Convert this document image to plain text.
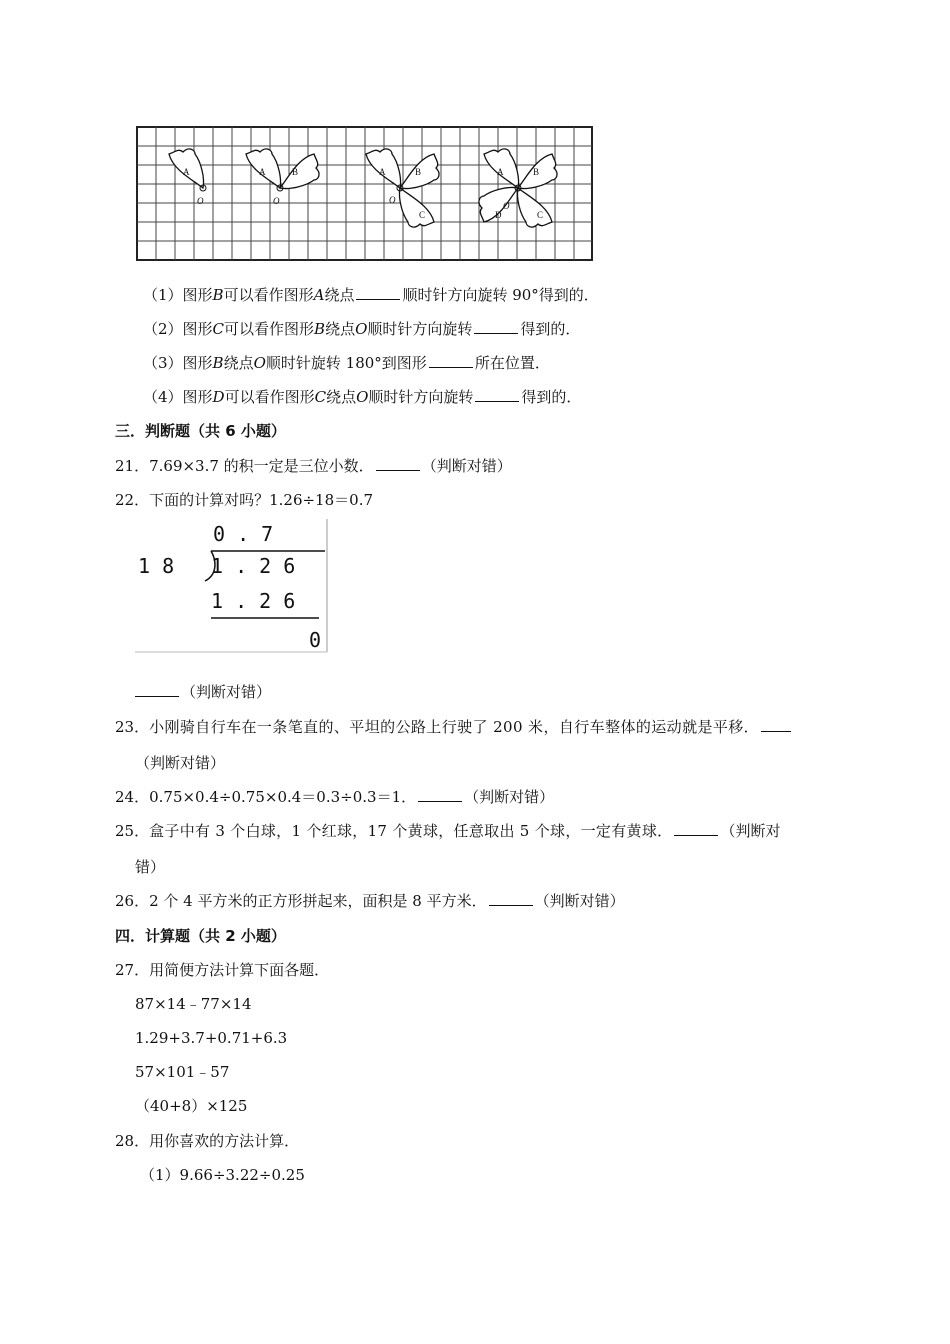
A
O
A	B
O
A	B
C
O
A	B
C
D
O
（1）图形B可以看作图形A绕点	顺时针方向旋转 90°得到的．
（2）图形C可以看作图形B绕点O顺时针方向旋转	得到的．
（3）图形B绕点O顺时针旋转 180°到图形	所在位置．
（4）图形D可以看作图形C绕点O顺时针方向旋转	得到的．
三．判断题（共 6 小题）
21．7.69×3.7 的积一定是三位小数．	（判断对错）
22．下面的计算对吗？1.26÷18＝0.7
0 . 7
1 8 1 . 2 6
1 . 2 6
0
（判断对错）
23．小刚骑自行车在一条笔直的、平坦的公路上行驶了 200 米，自行车整体的运动就是平移．
（判断对错）
24．0.75×0.4÷0.75×0.4＝0.3÷0.3＝1．	（判断对错）
25．盒子中有 3 个白球，1 个红球，17 个黄球，任意取出 5 个球，一定有黄球．	（判断对
错）
26．2 个 4 平方米的正方形拼起来，面积是 8 平方米．	（判断对错）
四．计算题（共 2 小题）
27．用简便方法计算下面各题．
87×14﹣77×14
1.29+3.7+0.71+6.3
57×101﹣57
（40+8）×125
28．用你喜欢的方法计算．
（1）9.66÷3.22÷0.25
